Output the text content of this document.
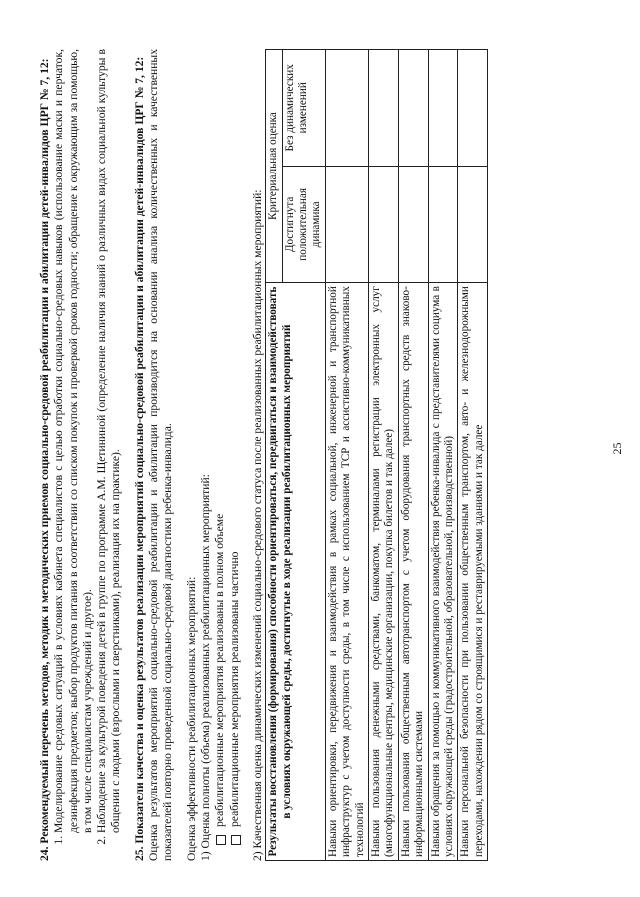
24. Рекомендуемый перечень методов, методик и методических приемов социально-средовой реабилитации и абилитации детей-инвалидов ЦРГ № 7, 12: 1. Моделирование средовых ситуаций в условиях кабинета специалистов с целью отработки социально-средовых навыков (использование маски и перчаток, дезинфекция предметов; выбор продуктов питания в соответствии со списком покупок и проверкой сроков годности; обращение к окружающим за помощью, в том числе специалистам учреждений и другое). 2. Наблюдение за культурой поведения детей в группе по программе А.М. Щетининой (определение наличия знаний о различных видах социальной культуры в общении с людьми (взрослыми и сверстниками), реализация их на практике). 25. Показатели качества и оценка результатов реализации мероприятий социально-средовой реабилитации и абилитации детей-инвалидов ЦРГ № 7, 12: Оценка результатов мероприятий социально-средовой реабилитации и абилитации производится на основании анализа количественных и качественных показателей повторно проведенной социально-средовой диагностики ребенка-инвалида. Оценка эффективности реабилитационных мероприятий: 1) Оценка полноты (объема) реализованных реабилитационных мероприятий: реабилитационные мероприятия реализованы в полном объеме реабилитационные мероприятия реализованы частично 2) Качественная оценка динамических изменений социально-средового статуса после реализованных реабилитационных мероприятий: Результаты восстановления (формирования) способности ориентироваться, передвигаться и взаимодействовать в условиях окружающей среды, достигнутые в ходе реализации реабилитационных мероприятий	Критериальная оценка	
	Достигнута положительная динамика	Без динамических изменений
Навыки ориентировки, передвижения и взаимодействия в рамках социальной, инженерной и транспортной инфраструктур с учетом доступности среды, в том числе с использованием ТСР и ассистивно-коммуникативных технологий		
Навыки пользования денежными средствами, банкоматом, терминалами регистрации электронных услуг (многофункциональные центры, медицинские организации, покупка билетов и так далее)		
Навыки пользования общественным автотранспортом с учетом оборудования транспортных средств знаково-информационными системами		
Навыки обращения за помощью и коммуникативного взаимодействия ребенка-инвалида с представителями социума в условиях окружающей среды (градостроительной, образовательной, производственной)		
Навыки персональной безопасности при пользовании общественным транспортом, авто- и железнодорожными переходами, нахождении рядом со строящимися и реставрируемыми зданиями и так далее			25
